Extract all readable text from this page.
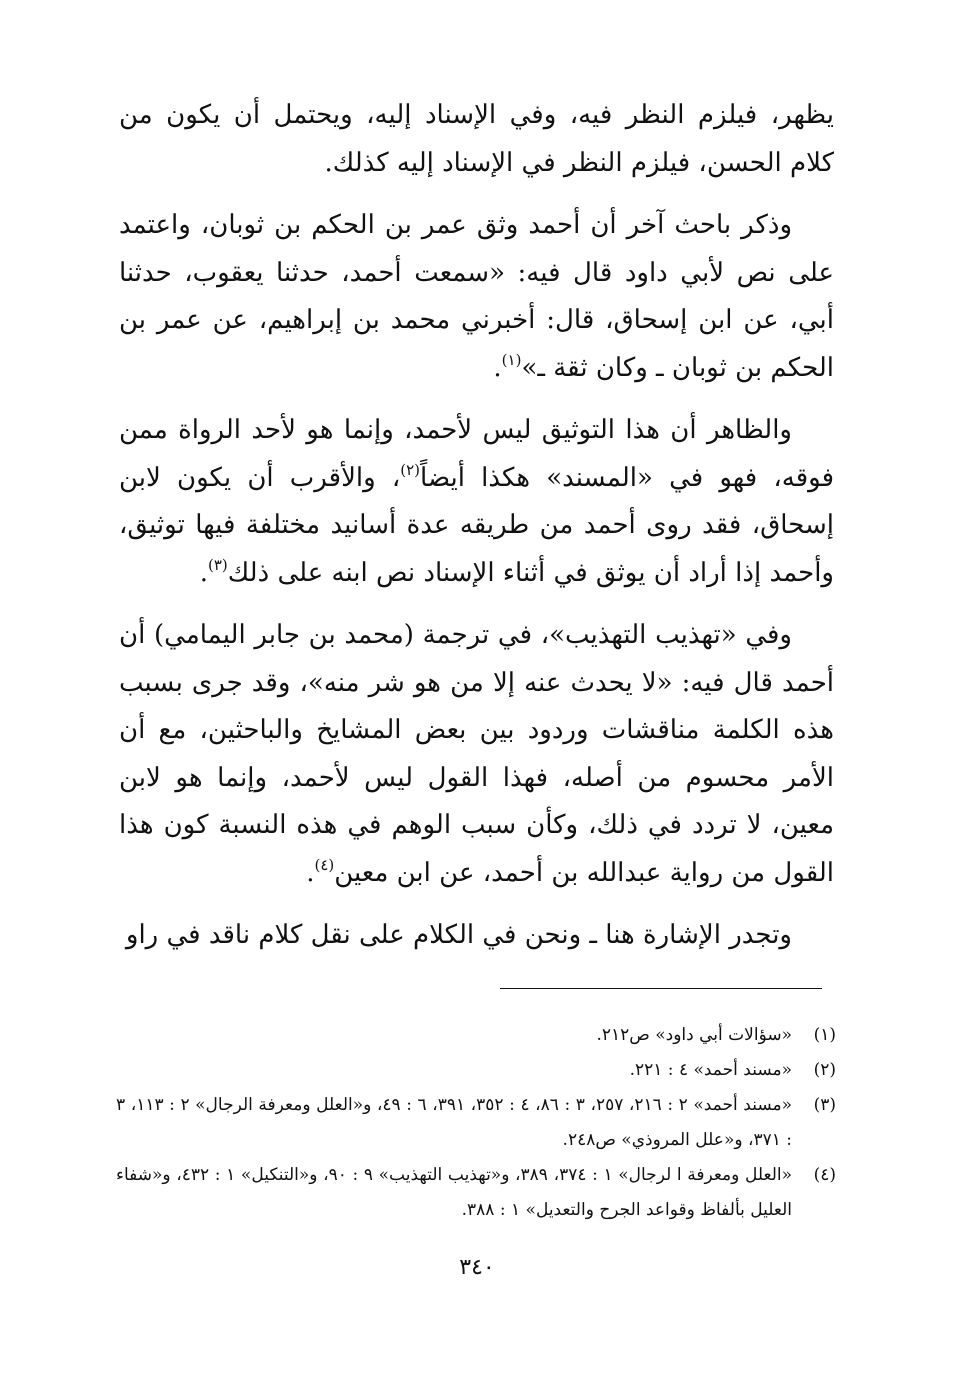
يظهر، فيلزم النظر فيه، وفي الإسناد إليه، ويحتمل أن يكون من كلام الحسن، فيلزم النظر في الإسناد إليه كذلك.

وذكر باحث آخر أن أحمد وثق عمر بن الحكم بن ثوبان، واعتمد على نص لأبي داود قال فيه: «سمعت أحمد، حدثنا يعقوب، حدثنا أبي، عن ابن إسحاق، قال: أخبرني محمد بن إبراهيم، عن عمر بن الحكم بن ثوبان ـ وكان ثقة ـ»$^{(١)}$.

والظاهر أن هذا التوثيق ليس لأحمد، وإنما هو لأحد الرواة ممن فوقه، فهو في «المسند» هكذا أيضاً$^{(٢)}$، والأقرب أن يكون لابن إسحاق، فقد روى أحمد من طريقه عدة أسانيد مختلفة فيها توثيق، وأحمد إذا أراد أن يوثق في أثناء الإسناد نص ابنه على ذلك$^{(٣)}$.

وفي «تهذيب التهذيب»، في ترجمة (محمد بن جابر اليمامي) أن أحمد قال فيه: «لا يحدث عنه إلا من هو شر منه»، وقد جرى بسبب هذه الكلمة مناقشات وردود بين بعض المشايخ والباحثين، مع أن الأمر محسوم من أصله، فهذا القول ليس لأحمد، وإنما هو لابن معين، لا تردد في ذلك، وكأن سبب الوهم في هذه النسبة كون هذا القول من رواية عبدالله بن أحمد، عن ابن معين$^{(٤)}$.

وتجدر الإشارة هنا ـ ونحن في الكلام على نقل كلام ناقد في راو

(١)
«سؤالات أبي داود» ص٢١٢.
(٢)
«مسند أحمد» ٤ : ٢٢١.
(٣)
«مسند أحمد» ٢ : ٢١٦، ٢٥٧، ٣ : ٨٦، ٤ : ٣٥٢، ٣٩١، ٦ : ٤٩، و«العلل ومعرفة الرجال» ٢ : ١١٣، ٣ : ٣٧١، و«علل المروذي» ص٢٤٨.
(٤)
«العلل ومعرفة ا لرجال» ١ : ٣٧٤، ٣٨٩، و«تهذيب التهذيب» ٩ : ٩٠، و«التنكيل» ١ : ٤٣٢، و«شفاء العليل بألفاظ وقواعد الجرح والتعديل» ١ : ٣٨٨.
٣٤٠
